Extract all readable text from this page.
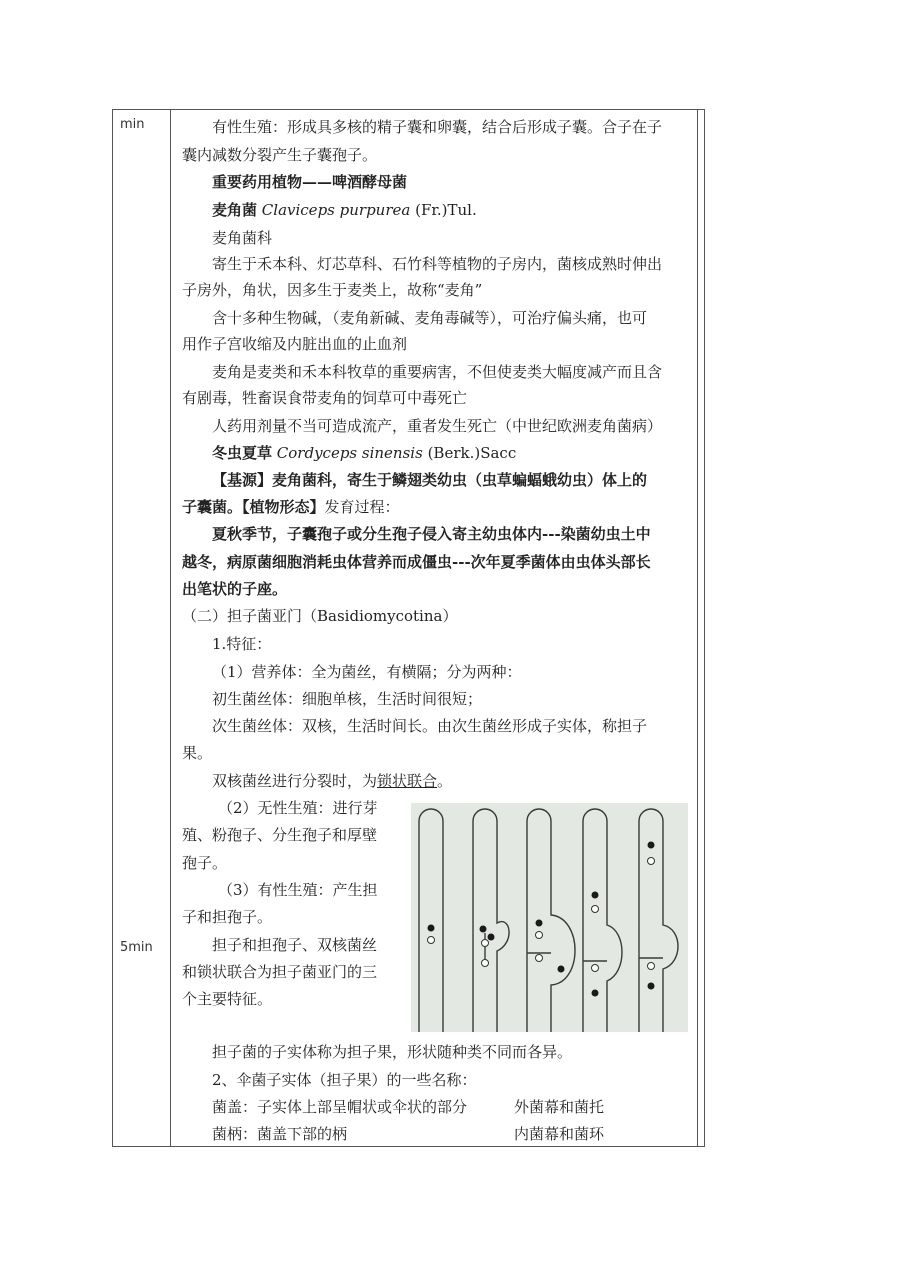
min
5min
有性生殖：形成具多核的精子囊和卵囊，结合后形成子囊。合子在子
囊内减数分裂产生子囊孢子。
重要药用植物——啤酒酵母菌
麦角菌 Claviceps purpurea (Fr.)Tul.
麦角菌科
寄生于禾本科、灯芯草科、石竹科等植物的子房内，菌核成熟时伸出
子房外，角状，因多生于麦类上，故称“麦角”
含十多种生物碱，（麦角新碱、麦角毒碱等），可治疗偏头痛，也可
用作子宫收缩及内脏出血的止血剂
麦角是麦类和禾本科牧草的重要病害，不但使麦类大幅度减产而且含
有剧毒，牲畜误食带麦角的饲草可中毒死亡
人药用剂量不当可造成流产，重者发生死亡（中世纪欧洲麦角菌病）
冬虫夏草 Cordyceps sinensis (Berk.)Sacc
【基源】麦角菌科，寄生于鳞翅类幼虫（虫草蝙蝠蛾幼虫）体上的
子囊菌。【植物形态】发育过程：
夏秋季节，子囊孢子或分生孢子侵入寄主幼虫体内---染菌幼虫土中
越冬，病原菌细胞消耗虫体营养而成僵虫---次年夏季菌体由虫体头部长
出笔状的子座。
（二）担子菌亚门（Basidiomycotina）
1.特征：
（1）营养体：全为菌丝，有横隔；分为两种：
初生菌丝体：细胞单核，生活时间很短；
次生菌丝体：双核，生活时间长。由次生菌丝形成子实体，称担子
果。
双核菌丝进行分裂时，为锁状联合。
（2）无性生殖：进行芽
殖、粉孢子、分生孢子和厚壁
孢子。
（3）有性生殖：产生担
子和担孢子。
担子和担孢子、双核菌丝
和锁状联合为担子菌亚门的三
个主要特征。
担子菌的子实体称为担子果，形状随种类不同而各异。
2、伞菌子实体（担子果）的一些名称：
菌盖：子实体上部呈帽状或伞状的部分	外菌幕和菌托
菌柄：菌盖下部的柄	内菌幕和菌环
